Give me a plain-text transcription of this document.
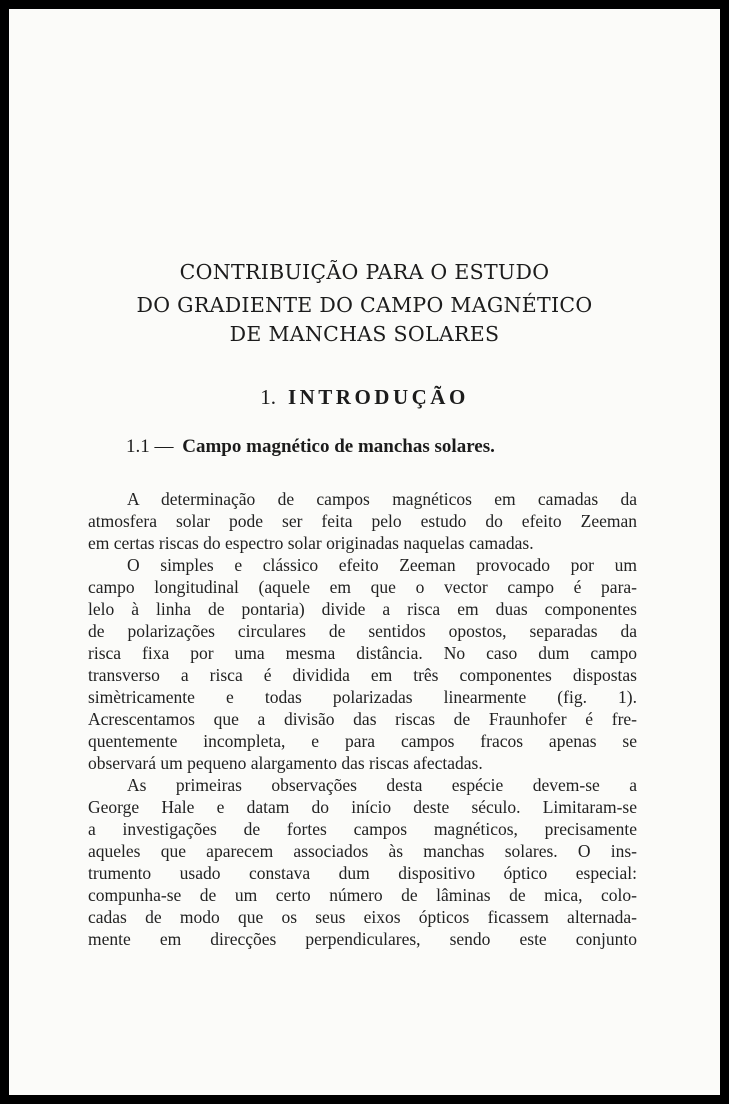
CONTRIBUIÇÃO PARA O ESTUDO
DO GRADIENTE DO CAMPO MAGNÉTICO
DE MANCHAS SOLARES
1. INTRODUÇÃO
1.1 — Campo magnético de manchas solares.
A determinação de campos magnéticos em camadas da
atmosfera solar pode ser feita pelo estudo do efeito Zeeman
em certas riscas do espectro solar originadas naquelas camadas.
O simples e clássico efeito Zeeman provocado por um
campo longitudinal (aquele em que o vector campo é para-
lelo à linha de pontaria) divide a risca em duas componentes
de polarizações circulares de sentidos opostos, separadas da
risca fixa por uma mesma distância. No caso dum campo
transverso a risca é dividida em três componentes dispostas
simètricamente e todas polarizadas linearmente (fig. 1).
Acrescentamos que a divisão das riscas de Fraunhofer é fre-
quentemente incompleta, e para campos fracos apenas se
observará um pequeno alargamento das riscas afectadas.
As primeiras observações desta espécie devem-se a
George Hale e datam do início deste século. Limitaram-se
a investigações de fortes campos magnéticos, precisamente
aqueles que aparecem associados às manchas solares. O ins-
trumento usado constava dum dispositivo óptico especial:
compunha-se de um certo número de lâminas de mica, colo-
cadas de modo que os seus eixos ópticos ficassem alternada-
mente em direcções perpendiculares, sendo este conjunto
